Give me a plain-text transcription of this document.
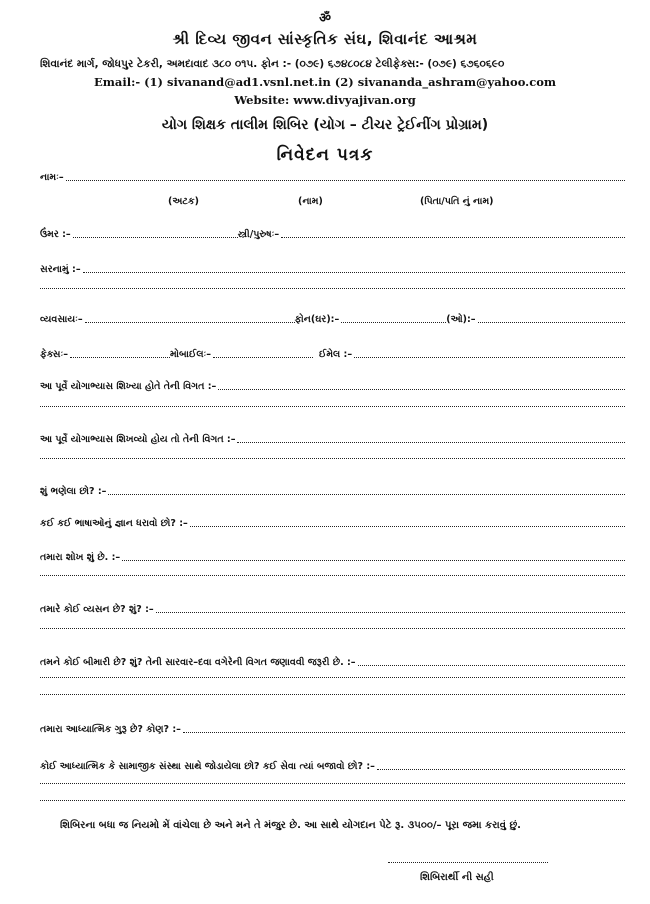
ॐ
શ્રી દિવ્ય જીવન સાંસ્કૃતિક સંઘ, શિવાનંદ આશ્રમ
શિવાનંદ માર્ગ, જોધપુર ટેકરી, અમદાવાદ ૩૮૦ ૦૧૫. ફોન :- (૦૭૯) ૬૭૪૮૦૮૪ ટેલીફેક્સ:- (૦૭૯) ૬૭૬૦૬૯૦
Email:- (1) sivanand@ad1.vsnl.net.in (2) sivananda_ashram@yahoo.com
Website: www.divyajivan.org
યોગ શિક્ષક તાલીમ શિબિર (યોગ – ટીચર ટ્રેઈનીંગ પ્રોગ્રામ)
નિવેદન પત્રક
નામઃ–
(અટક)	(નામ)	(પિતા/પતિ નું નામ)
ઉંમર :–	સ્ત્રી/પુરુષઃ–
સરનામું :–
વ્યવસાયઃ–	ફોન(ઘર):–	(ઓ):–
ફેક્સઃ–	મોબાઈલઃ–	ઈમેલ :–
આ પૂર્વે યોગાભ્યાસ શિખ્યા હોતે તેની વિગત :–
આ પૂર્વે યોગાભ્યાસ શિખવ્યો હોય તો તેની વિગત :–
શું ભણેલા છો? :–
કઈ કઈ ભાષાઓનું જ્ઞાન ધરાવો છો? :–
તમારા શોખ શું છે. :–
તમારે કોઈ વ્યસન છે? શું? :–
તમને કોઈ બીમારી છે? શું? તેની સારવાર–દવા વગેરેની વિગત જણાવવી જરૂરી છે. :–
તમારા આધ્યાત્મિક ગુરૂ છે? કોણ? :–
કોઈ આધ્યાત્મિક કે સામાજીક સંસ્થા સાથે જોડાયેલા છો? કઈ સેવા ત્યાં બજાવો છો? :–
શિબિરના બધા જ નિયમો મેં વાંચેલા છે અને મને તે મંજુર છે. આ સાથે યોગદાન પેટે રૂ. ૩૫૦૦/– પૂરા જમા કરાવું છું.
શિબિરાર્થી ની સહી
